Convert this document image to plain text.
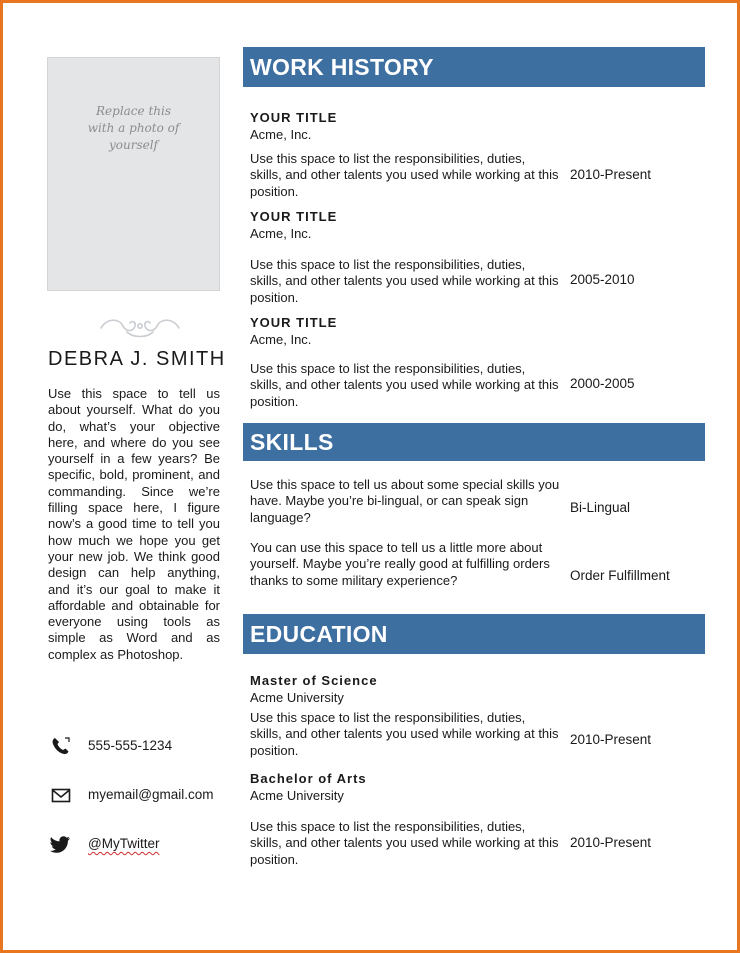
Replace this with a photo of yourself
DEBRA J. SMITH
Use this space to tell us about yourself. What do you do, what’s your objective here, and where do you see yourself in a few years? Be specific, bold, prominent, and commanding. Since we’re filling space here, I figure now’s a good time to tell you how much we hope you get your new job. We think good design can help anything, and it’s our goal to make it affordable and obtainable for everyone using tools as simple as Word and as complex as Photoshop.
555-555-1234
myemail@gmail.com
@MyTwitter
WORK HISTORY
YOUR TITLE
Acme, Inc.
Use this space to list the responsibilities, duties, skills, and other talents you used while working at this position.
2010-Present
YOUR TITLE
Acme, Inc.
Use this space to list the responsibilities, duties, skills, and other talents you used while working at this position.
2005-2010
YOUR TITLE
Acme, Inc.
Use this space to list the responsibilities, duties, skills, and other talents you used while working at this position.
2000-2005
SKILLS
Use this space to tell us about some special skills you have. Maybe you’re bi-lingual, or can speak sign language?
Bi-Lingual
You can use this space to tell us a little more about yourself. Maybe you’re really good at fulfilling orders thanks to some military experience?	Order Fulfillment
EDUCATION
Master of Science
Acme University
Use this space to list the responsibilities, duties, skills, and other talents you used while working at this position.
2010-Present
Bachelor of Arts
Acme University
Use this space to list the responsibilities, duties, skills, and other talents you used while working at this position.
2010-Present
